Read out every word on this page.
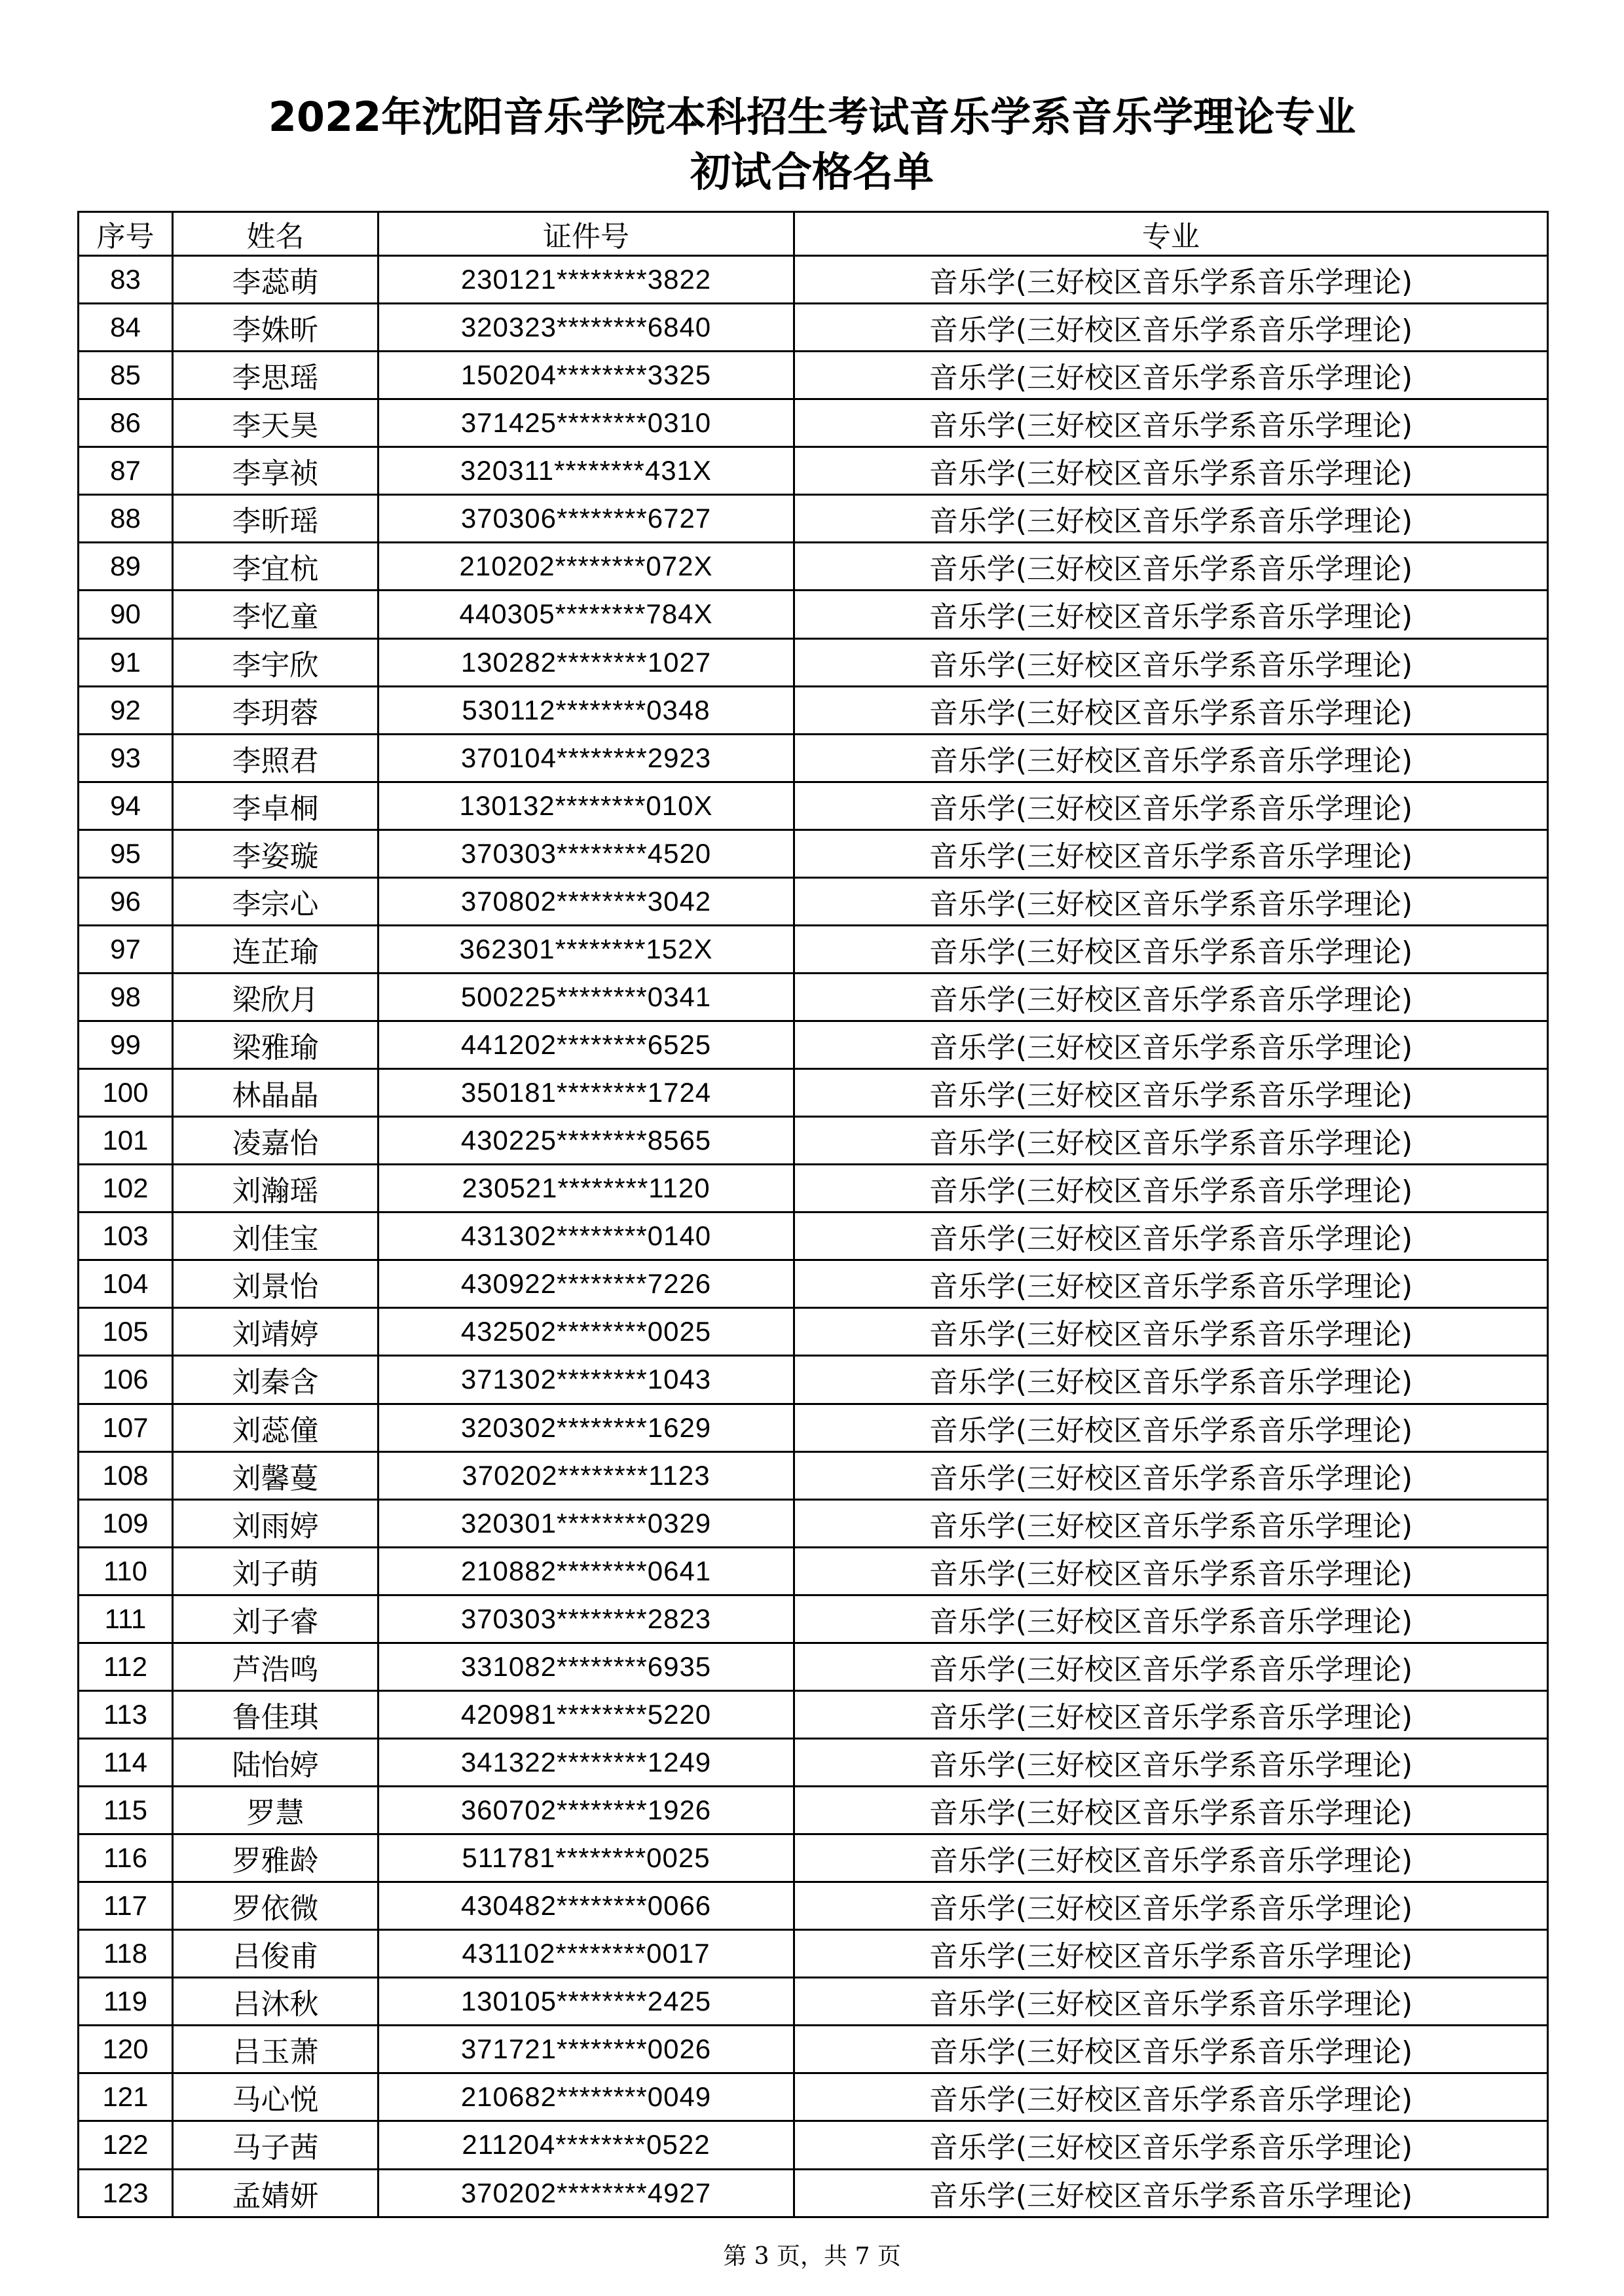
2022年沈阳音乐学院本科招生考试音乐学系音乐学理论专业
初试合格名单
序号	姓名	证件号	专业
83	李蕊萌	230121********3822	音乐学(三好校区音乐学系音乐学理论)
84	李姝昕	320323********6840	音乐学(三好校区音乐学系音乐学理论)
85	李思瑶	150204********3325	音乐学(三好校区音乐学系音乐学理论)
86	李天昊	371425********0310	音乐学(三好校区音乐学系音乐学理论)
87	李享祯	320311********431X	音乐学(三好校区音乐学系音乐学理论)
88	李昕瑶	370306********6727	音乐学(三好校区音乐学系音乐学理论)
89	李宜杭	210202********072X	音乐学(三好校区音乐学系音乐学理论)
90	李忆童	440305********784X	音乐学(三好校区音乐学系音乐学理论)
91	李宇欣	130282********1027	音乐学(三好校区音乐学系音乐学理论)
92	李玥蓉	530112********0348	音乐学(三好校区音乐学系音乐学理论)
93	李照君	370104********2923	音乐学(三好校区音乐学系音乐学理论)
94	李卓桐	130132********010X	音乐学(三好校区音乐学系音乐学理论)
95	李姿璇	370303********4520	音乐学(三好校区音乐学系音乐学理论)
96	李宗心	370802********3042	音乐学(三好校区音乐学系音乐学理论)
97	连芷瑜	362301********152X	音乐学(三好校区音乐学系音乐学理论)
98	梁欣月	500225********0341	音乐学(三好校区音乐学系音乐学理论)
99	梁雅瑜	441202********6525	音乐学(三好校区音乐学系音乐学理论)
100	林晶晶	350181********1724	音乐学(三好校区音乐学系音乐学理论)
101	凌嘉怡	430225********8565	音乐学(三好校区音乐学系音乐学理论)
102	刘瀚瑶	230521********1120	音乐学(三好校区音乐学系音乐学理论)
103	刘佳宝	431302********0140	音乐学(三好校区音乐学系音乐学理论)
104	刘景怡	430922********7226	音乐学(三好校区音乐学系音乐学理论)
105	刘靖婷	432502********0025	音乐学(三好校区音乐学系音乐学理论)
106	刘秦含	371302********1043	音乐学(三好校区音乐学系音乐学理论)
107	刘蕊僮	320302********1629	音乐学(三好校区音乐学系音乐学理论)
108	刘馨蔓	370202********1123	音乐学(三好校区音乐学系音乐学理论)
109	刘雨婷	320301********0329	音乐学(三好校区音乐学系音乐学理论)
110	刘子萌	210882********0641	音乐学(三好校区音乐学系音乐学理论)
111	刘子睿	370303********2823	音乐学(三好校区音乐学系音乐学理论)
112	芦浩鸣	331082********6935	音乐学(三好校区音乐学系音乐学理论)
113	鲁佳琪	420981********5220	音乐学(三好校区音乐学系音乐学理论)
114	陆怡婷	341322********1249	音乐学(三好校区音乐学系音乐学理论)
115	罗慧	360702********1926	音乐学(三好校区音乐学系音乐学理论)
116	罗雅龄	511781********0025	音乐学(三好校区音乐学系音乐学理论)
117	罗依微	430482********0066	音乐学(三好校区音乐学系音乐学理论)
118	吕俊甫	431102********0017	音乐学(三好校区音乐学系音乐学理论)
119	吕沐秋	130105********2425	音乐学(三好校区音乐学系音乐学理论)
120	吕玉萧	371721********0026	音乐学(三好校区音乐学系音乐学理论)
121	马心悦	210682********0049	音乐学(三好校区音乐学系音乐学理论)
122	马子茜	211204********0522	音乐学(三好校区音乐学系音乐学理论)
123	孟婧妍	370202********4927	音乐学(三好校区音乐学系音乐学理论)
第 3 页，共 7 页
